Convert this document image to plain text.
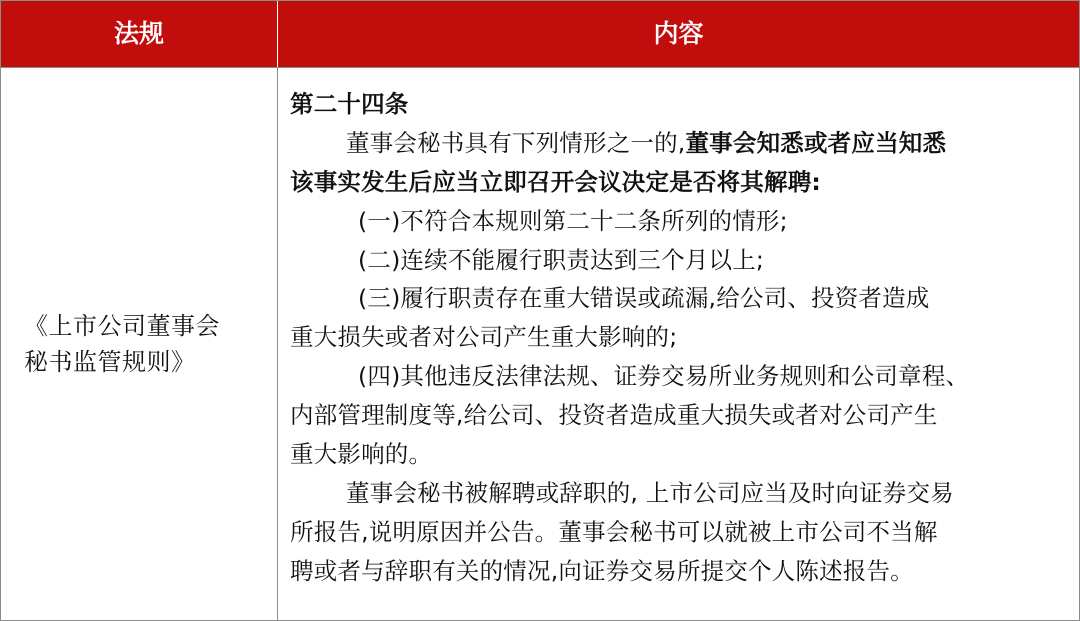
法规	内容
《上市公司董事会
秘书监管规则》
第二十四条
董事会秘书具有下列情形之一的,董事会知悉或者应当知悉
该事实发生后应当立即召开会议决定是否将其解聘:
(一)不符合本规则第二十二条所列的情形;
(二)连续不能履行职责达到三个月以上;
(三)履行职责存在重大错误或疏漏,给公司、投资者造成
重大损失或者对公司产生重大影响的;
(四)其他违反法律法规、证券交易所业务规则和公司章程、
内部管理制度等,给公司、投资者造成重大损失或者对公司产生
重大影响的。
董事会秘书被解聘或辞职的, 上市公司应当及时向证券交易
所报告,说明原因并公告。董事会秘书可以就被上市公司不当解
聘或者与辞职有关的情况,向证券交易所提交个人陈述报告。
